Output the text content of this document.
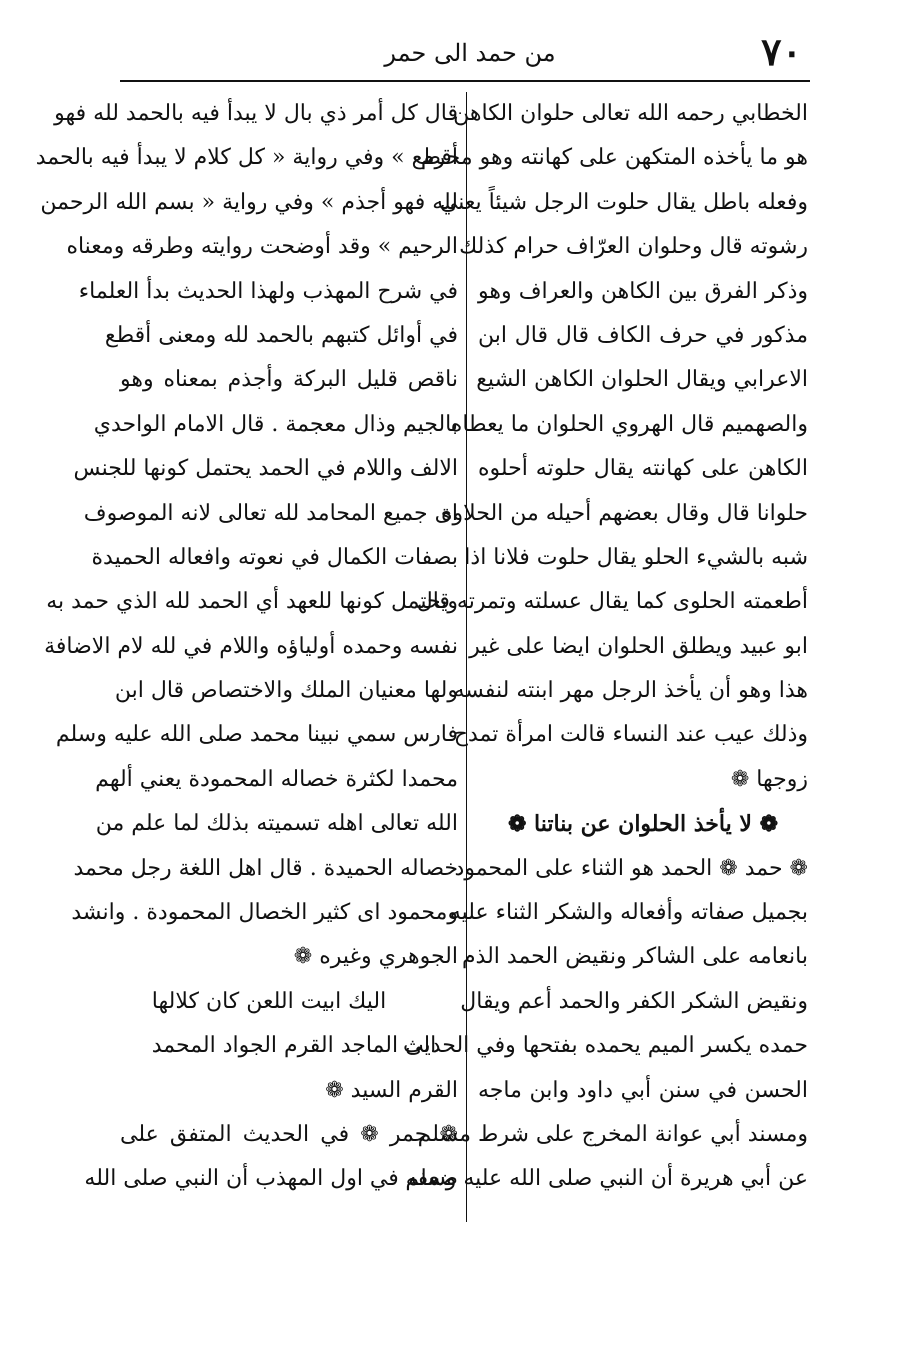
٧٠
من حمد الى حمر
الخطابي رحمه الله تعالى حلوان الكاهن
هو ما يأخذه المتكهن على كهانته وهو محرم
وفعله باطل يقال حلوت الرجل شيئاً يعني
رشوته قال وحلوان العرّاف حرام كذلك
وذكر الفرق بين الكاهن والعراف وهو
مذكور في حرف الكاف قال قال ابن
الاعرابي ويقال الحلوان الكاهن الشيع
والصهميم قال الهروي الحلوان ما يعطاه
الكاهن على كهانته يقال حلوته أحلوه
حلوانا قال وقال بعضهم أحيله من الحلاوة
شبه بالشيء الحلو يقال حلوت فلانا اذا
أطعمته الحلوى كما يقال عسلته وتمرته قال
ابو عبيد ويطلق الحلوان ايضا على غير
هذا وهو أن يأخذ الرجل مهر ابنته لنفسه
وذلك عيب عند النساء قالت امرأة تمدح
زوجها ❁
❁ لا يأخذ الحلوان عن بناتنا ❁
❁ حمد ❁ الحمد هو الثناء على المحمود
بجميل صفاته وأفعاله والشكر الثناء عليه
بانعامه على الشاكر ونقيض الحمد الذم
ونقيض الشكر الكفر والحمد أعم ويقال
حمده يكسر الميم يحمده بفتحها وفي الحديث
الحسن في سنن أبي داود وابن ماجه
ومسند أبي عوانة المخرج على شرط مسلم
عن أبي هريرة أن النبي صلى الله عليه وسلم
قال كل أمر ذي بال لا يبدأ فيه بالحمد لله فهو
أقطع » وفي رواية « كل كلام لا يبدأ فيه بالحمد
لله فهو أجذم » وفي رواية « بسم الله الرحمن
الرحيم » وقد أوضحت روايته وطرقه ومعناه
في شرح المهذب ولهذا الحديث بدأ العلماء
في أوائل كتبهم بالحمد لله ومعنى أقطع
ناقص قليل البركة وأجذم بمعناه وهو
بالجيم وذال معجمة . قال الامام الواحدي
الالف واللام في الحمد يحتمل كونها للجنس
اى جميع المحامد لله تعالى لانه الموصوف
بصفات الكمال في نعوته وافعاله الحميدة
ويحتمل كونها للعهد أي الحمد لله الذي حمد به
نفسه وحمده أولياؤه واللام في لله لام الاضافة
ولها معنيان الملك والاختصاص قال ابن
فارس سمي نبينا محمد صلى الله عليه وسلم
محمدا لكثرة خصاله المحمودة يعني ألهم
الله تعالى اهله تسميته بذلك لما علم من
خصاله الحميدة . قال اهل اللغة رجل محمد
ومحمود اى كثير الخصال المحمودة . وانشد
الجوهري وغيره ❁
اليك ابيت اللعن كان كلالها
الى الماجد القرم الجواد المحمد
القرم السيد ❁
❁ حمر ❁ في الحديث المتفق على
ضعفه في اول المهذب أن النبي صلى الله
